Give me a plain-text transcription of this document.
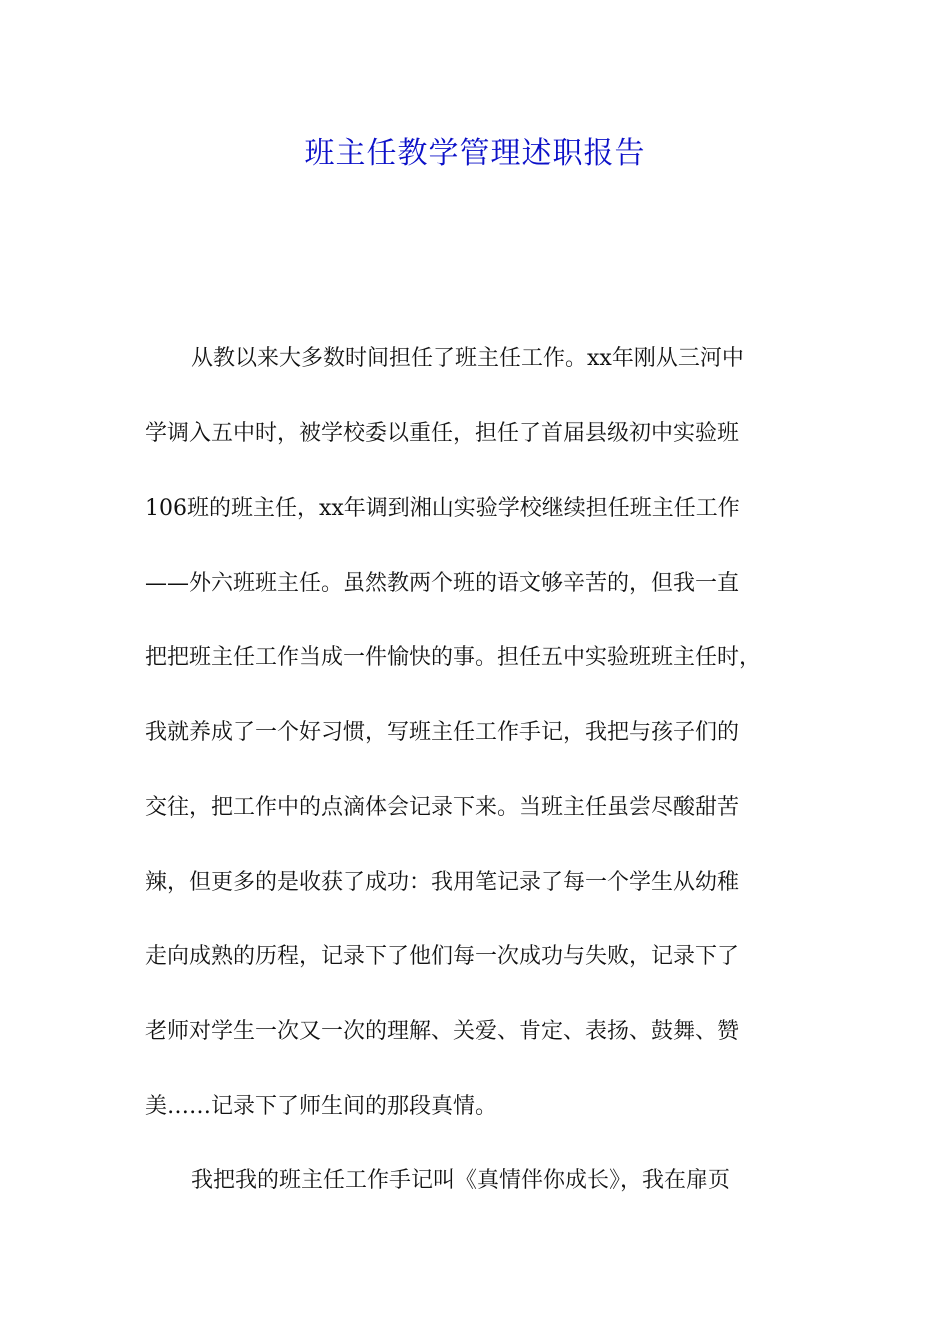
班主任教学管理述职报告
从教以来大多数时间担任了班主任工作。xx年刚从三河中
学调入五中时，被学校委以重任，担任了首届县级初中实验班
106班的班主任，xx年调到湘山实验学校继续担任班主任工作
——外六班班主任。虽然教两个班的语文够辛苦的，但我一直
把把班主任工作当成一件愉快的事。担任五中实验班班主任时，
我就养成了一个好习惯，写班主任工作手记，我把与孩子们的
交往，把工作中的点滴体会记录下来。当班主任虽尝尽酸甜苦
辣，但更多的是收获了成功：我用笔记录了每一个学生从幼稚
走向成熟的历程，记录下了他们每一次成功与失败，记录下了
老师对学生一次又一次的理解、关爱、肯定、表扬、鼓舞、赞
美……记录下了师生间的那段真情。
我把我的班主任工作手记叫《真情伴你成长》，我在扉页
